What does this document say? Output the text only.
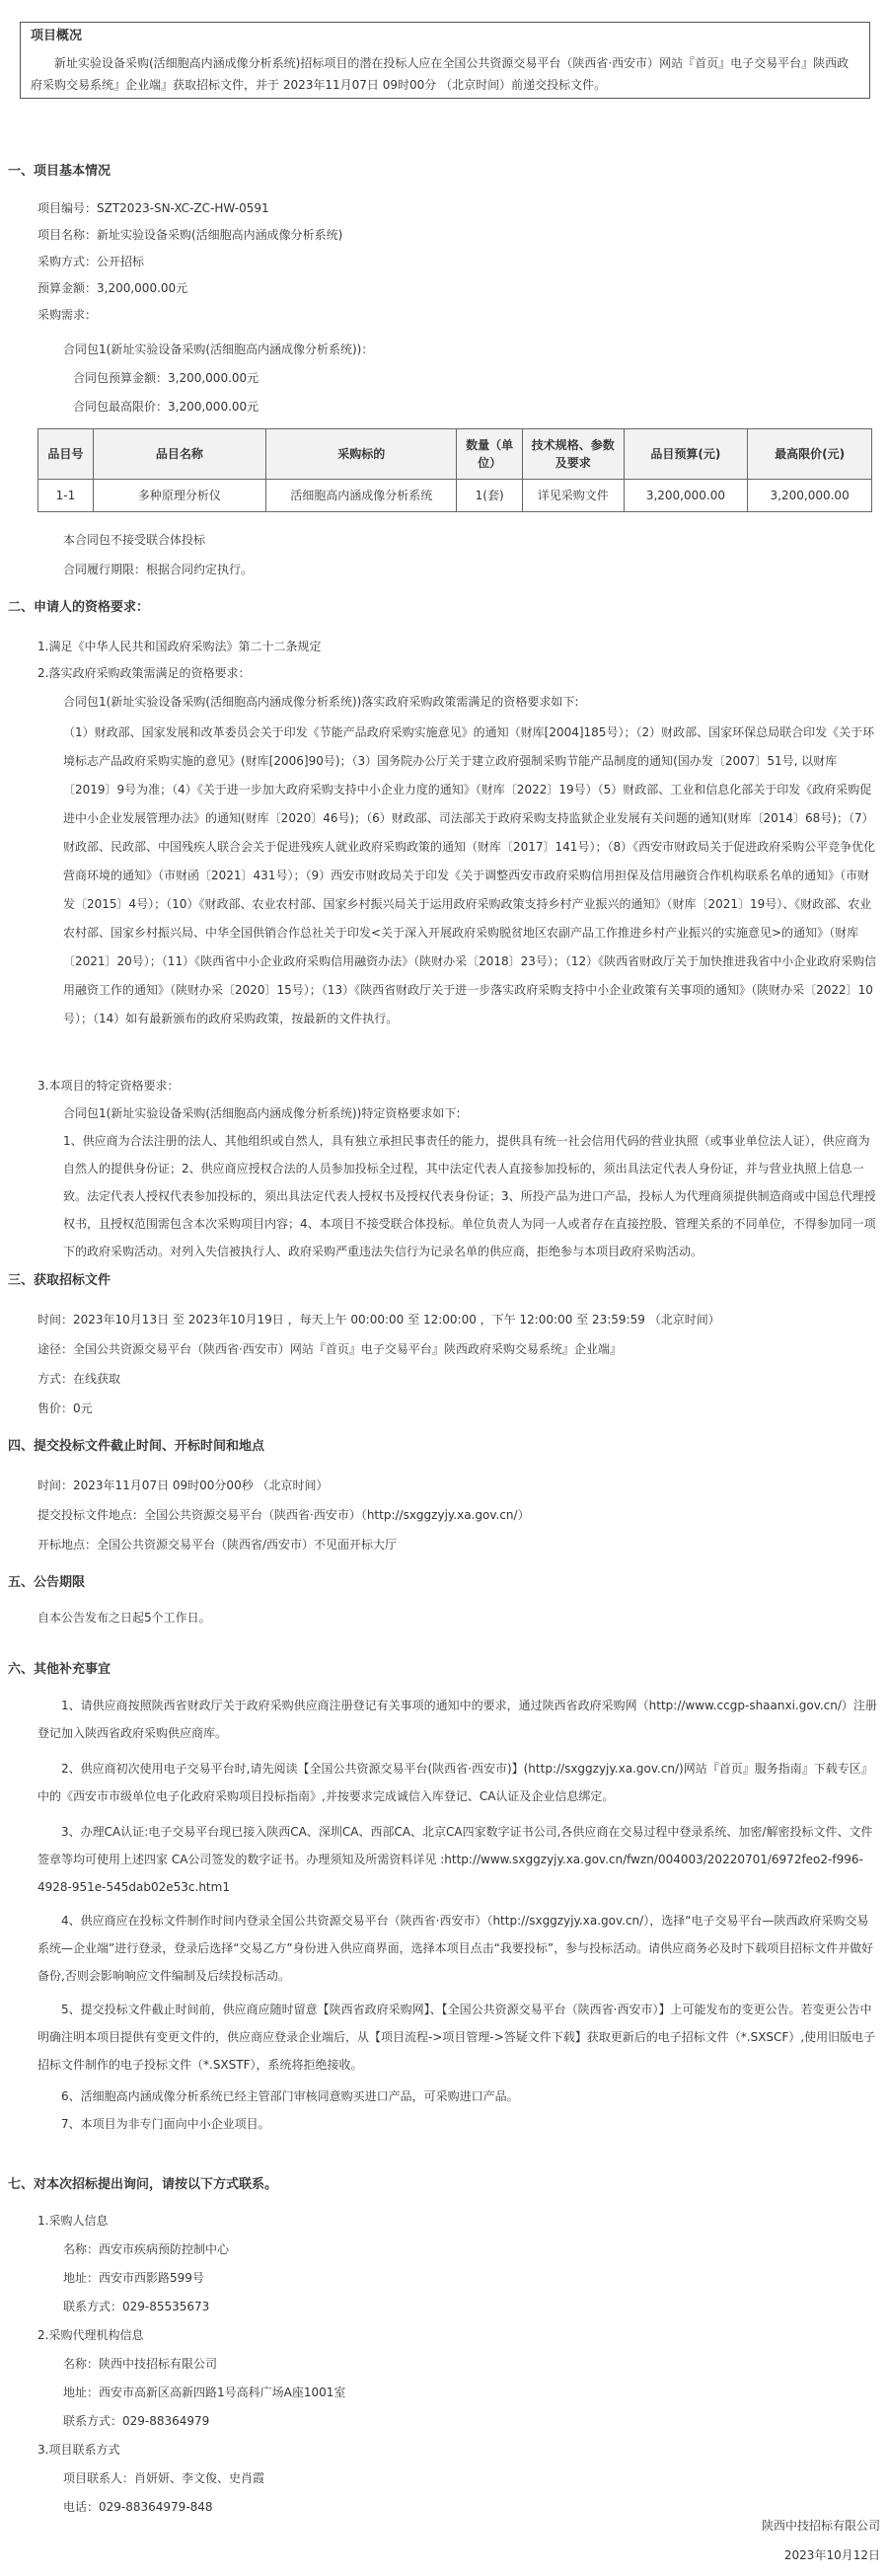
项目概况
新址实验设备采购(活细胞高内涵成像分析系统)招标项目的潜在投标人应在全国公共资源交易平台（陕西省·西安市）网站『首页』电子交易平台』陕西政府采购交易系统』企业端』获取招标文件，并于 2023年11月07日 09时00分 （北京时间）前递交投标文件。
一、项目基本情况
项目编号：SZT2023-SN-XC-ZC-HW-0591
项目名称：新址实验设备采购(活细胞高内涵成像分析系统)
采购方式：公开招标
预算金额：3,200,000.00元
采购需求：
合同包1(新址实验设备采购(活细胞高内涵成像分析系统))：
合同包预算金额：3,200,000.00元
合同包最高限价：3,200,000.00元
品目号	品目名称	采购标的	数量（单位）	技术规格、参数及要求	品目预算(元)	最高限价(元)
1-1	多种原理分析仪	活细胞高内涵成像分析系统	1(套)	详见采购文件	3,200,000.00	3,200,000.00
本合同包不接受联合体投标
合同履行期限：根据合同约定执行。
二、申请人的资格要求：
1.满足《中华人民共和国政府采购法》第二十二条规定
2.落实政府采购政策需满足的资格要求：
合同包1(新址实验设备采购(活细胞高内涵成像分析系统))落实政府采购政策需满足的资格要求如下:
（1）财政部、国家发展和改革委员会关于印发《节能产品政府采购实施意见》的通知（财库[2004]185号）；（2）财政部、国家环保总局联合印发《关于环境标志产品政府采购实施的意见》(财库[2006]90号)；（3）国务院办公厅关于建立政府强制采购节能产品制度的通知(国办发〔2007〕51号, 以财库〔2019〕9号为准；（4）《关于进一步加大政府采购支持中小企业力度的通知》（财库〔2022〕19号）（5）财政部、工业和信息化部关于印发《政府采购促进中小企业发展管理办法》的通知(财库〔2020〕46号)；（6）财政部、司法部关于政府采购支持监狱企业发展有关问题的通知(财库〔2014〕68号)；（7）财政部、民政部、中国残疾人联合会关于促进残疾人就业政府采购政策的通知（财库〔2017〕141号）；（8）《西安市财政局关于促进政府采购公平竞争优化营商环境的通知》（市财函〔2021〕431号）；（9）西安市财政局关于印发《关于调整西安市政府采购信用担保及信用融资合作机构联系名单的通知》（市财发〔2015〕4号）；（10）《财政部、农业农村部、国家乡村振兴局关于运用政府采购政策支持乡村产业振兴的通知》（财库〔2021〕19号）、《财政部、农业农村部、国家乡村振兴局、中华全国供销合作总社关于印发<关于深入开展政府采购脱贫地区农副产品工作推进乡村产业振兴的实施意见>的通知》（财库〔2021〕20号）；（11）《陕西省中小企业政府采购信用融资办法》（陕财办采〔2018〕23号）；（12）《陕西省财政厅关于加快推进我省中小企业政府采购信用融资工作的通知》（陕财办采〔2020〕15号）；（13）《陕西省财政厅关于进一步落实政府采购支持中小企业政策有关事项的通知》（陕财办采〔2022〕10号）；（14）如有最新颁布的政府采购政策，按最新的文件执行。
3.本项目的特定资格要求：
合同包1(新址实验设备采购(活细胞高内涵成像分析系统))特定资格要求如下:
1、供应商为合法注册的法人、其他组织或自然人，具有独立承担民事责任的能力，提供具有统一社会信用代码的营业执照（或事业单位法人证），供应商为自然人的提供身份证；2、供应商应授权合法的人员参加投标全过程，其中法定代表人直接参加投标的，须出具法定代表人身份证，并与营业执照上信息一致。法定代表人授权代表参加投标的，须出具法定代表人授权书及授权代表身份证；3、所投产品为进口产品，投标人为代理商须提供制造商或中国总代理授权书，且授权范围需包含本次采购项目内容；4、本项目不接受联合体投标。单位负责人为同一人或者存在直接控股、管理关系的不同单位，不得参加同一项下的政府采购活动。对列入失信被执行人、政府采购严重违法失信行为记录名单的供应商，拒绝参与本项目政府采购活动。
三、获取招标文件
时间：2023年10月13日 至 2023年10月19日 ，每天上午 00:00:00 至 12:00:00 ，下午 12:00:00 至 23:59:59 （北京时间）
途径：全国公共资源交易平台（陕西省·西安市）网站『首页』电子交易平台』陕西政府采购交易系统』企业端』
方式：在线获取
售价：0元
四、提交投标文件截止时间、开标时间和地点
时间：2023年11月07日 09时00分00秒 （北京时间）
提交投标文件地点：全国公共资源交易平台（陕西省·西安市）（http://sxggzyjy.xa.gov.cn/）
开标地点：全国公共资源交易平台（陕西省/西安市）不见面开标大厅
五、公告期限
自本公告发布之日起5个工作日。
六、其他补充事宜
1、请供应商按照陕西省财政厅关于政府采购供应商注册登记有关事项的通知中的要求，通过陕西省政府采购网（http://www.ccgp-shaanxi.gov.cn/）注册登记加入陕西省政府采购供应商库。
2、供应商初次使用电子交易平台时,请先阅读【全国公共资源交易平台(陕西省·西安市)】(http://sxggzyjy.xa.gov.cn/)网站『首页』服务指南』下载专区』中的《西安市市级单位电子化政府采购项目投标指南》,并按要求完成诚信入库登记、CA认证及企业信息绑定。
3、办理CA认证:电子交易平台现已接入陕西CA、深圳CA、西部CA、北京CA四家数字证书公司,各供应商在交易过程中登录系统、加密/解密投标文件、文件签章等均可使用上述四家 CA公司签发的数字证书。办理须知及所需资料详见 :http://www.sxggzyjy.xa.gov.cn/fwzn/004003/20220701/6972feo2-f996-4928-951e-545dab02e53c.htm1
4、供应商应在投标文件制作时间内登录全国公共资源交易平台（陕西省·西安市）（http://sxggzyjy.xa.gov.cn/），选择“电子交易平台—陕西政府采购交易系统—企业端”进行登录，登录后选择“交易乙方”身份进入供应商界面，选择本项目点击“我要投标”，参与投标活动。请供应商务必及时下载项目招标文件并做好备份,否则会影响响应文件编制及后续投标活动。
5、提交投标文件截止时间前，供应商应随时留意【陕西省政府采购网】、【全国公共资源交易平台（陕西省·西安市）】上可能发布的变更公告。若变更公告中明确注明本项目提供有变更文件的，供应商应登录企业端后，从【项目流程->项目管理->答疑文件下载】获取更新后的电子招标文件（*.SXSCF）,使用旧版电子招标文件制作的电子投标文件（*.SXSTF），系统将拒绝接收。
6、活细胞高内涵成像分析系统已经主管部门审核同意购买进口产品，可采购进口产品。
7、本项目为非专门面向中小企业项目。
七、对本次招标提出询问，请按以下方式联系。
1.采购人信息
名称：西安市疾病预防控制中心
地址：西安市西影路599号
联系方式：029-85535673
2.采购代理机构信息
名称：陕西中技招标有限公司
地址：西安市高新区高新四路1号高科广场A座1001室
联系方式：029-88364979
3.项目联系方式
项目联系人：肖妍妍、李文俊、史肖霞
电话：029-88364979-848
陕西中技招标有限公司
2023年10月12日
